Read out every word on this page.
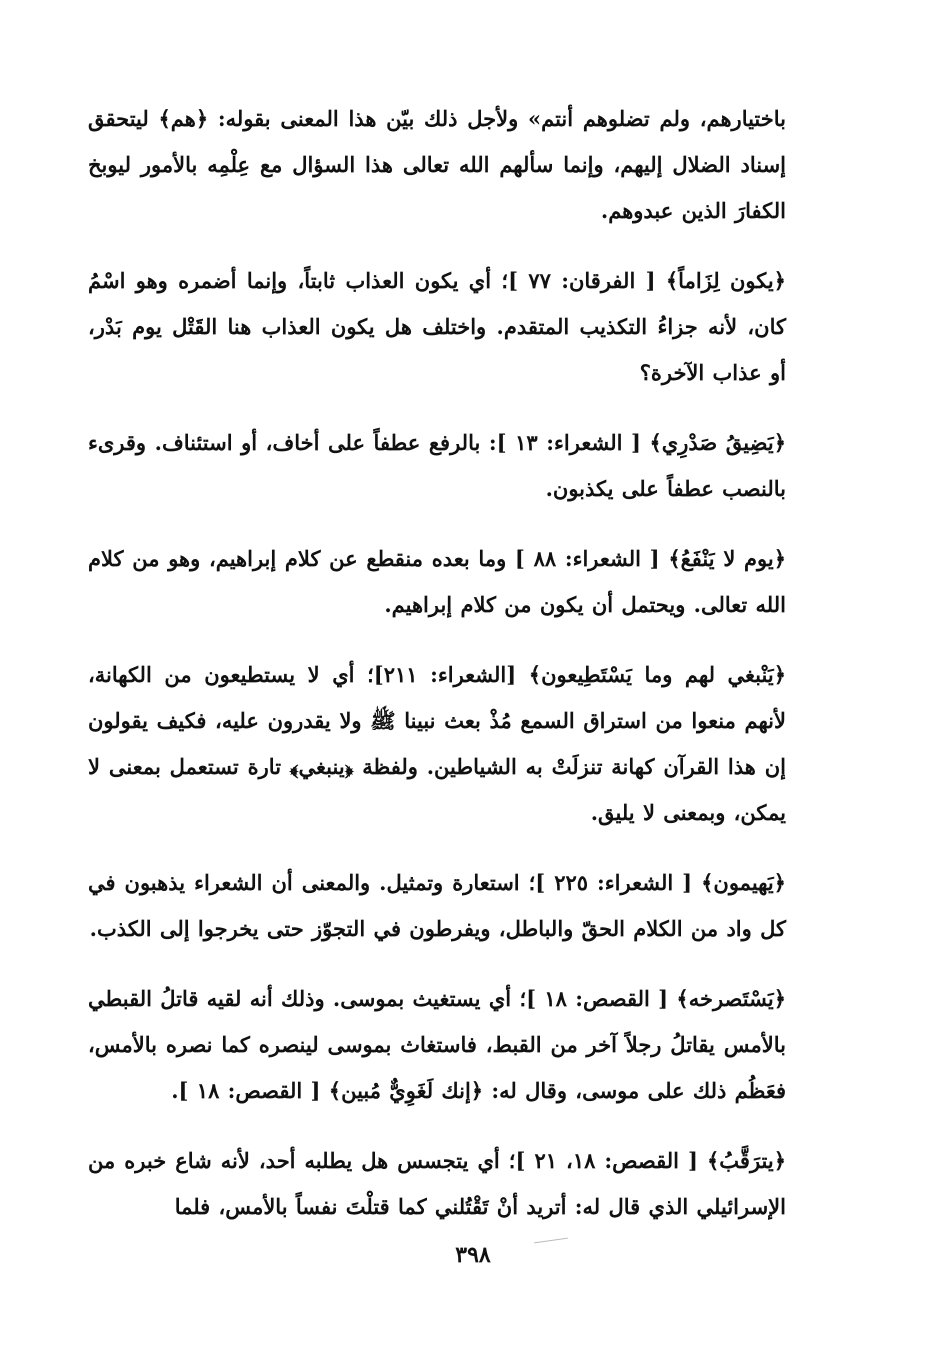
باختيارهم، ولم تضلوهم أنتم» ولأجل ذلك بيّن هذا المعنى بقوله: ﴿هم﴾ ليتحقق إسناد الضلال إليهم، وإنما سألهم الله تعالى هذا السؤال مع عِلْمِه بالأمور ليوبخ الكفارَ الذين عبدوهم.

﴿يكون لِزَاماً﴾ [ الفرقان: ٧٧ ]؛ أي يكون العذاب ثابتاً، وإنما أضمره وهو اسْمُ كان، لأنه جزاءُ التكذيب المتقدم. واختلف هل يكون العذاب هنا القَتْل يوم بَدْر، أو عذاب الآخرة؟

﴿يَضِيقُ صَدْرِي﴾ [ الشعراء: ١٣ ]: بالرفع عطفاً على أخاف، أو استئناف. وقرىء بالنصب عطفاً على يكذبون.

﴿يوم لا يَنْفَعُ﴾ [ الشعراء: ٨٨ ] وما بعده منقطع عن كلام إبراهيم، وهو من كلام الله تعالى. ويحتمل أن يكون من كلام إبراهيم.

﴿يَنْبغي لهم وما يَسْتَطِيعون﴾ [الشعراء: ٢١١]؛ أي لا يستطيعون من الكهانة، لأنهم منعوا من استراق السمع مُذْ بعث نبينا ﷺ ولا يقدرون عليه، فكيف يقولون إن هذا القرآن كهانة تنزلَتْ به الشياطين. ولفظة ﴿ينبغي﴾ تارة تستعمل بمعنى لا يمكن، وبمعنى لا يليق.

﴿يَهيمون﴾ [ الشعراء: ٢٢٥ ]؛ استعارة وتمثيل. والمعنى أن الشعراء يذهبون في كل واد من الكلام الحقّ والباطل، ويفرطون في التجوّز حتى يخرجوا إلى الكذب.

﴿يَسْتَصرخه﴾ [ القصص: ١٨ ]؛ أي يستغيث بموسى. وذلك أنه لقيه قاتلُ القبطي بالأمس يقاتلُ رجلاً آخر من القبط، فاستغاث بموسى لينصره كما نصره بالأمس، فعَظُم ذلك على موسى، وقال له: ﴿إنك لَغَوِيٌّ مُبين﴾ [ القصص: ١٨ ].

﴿يترَقَّبُ﴾ [ القصص: ١٨، ٢١ ]؛ أي يتجسس هل يطلبه أحد، لأنه شاع خبره من الإسرائيلي الذي قال له: أتريد أنْ تَقْتُلني كما قتلْتَ نفساً بالأمس، فلما

٣٩٨
